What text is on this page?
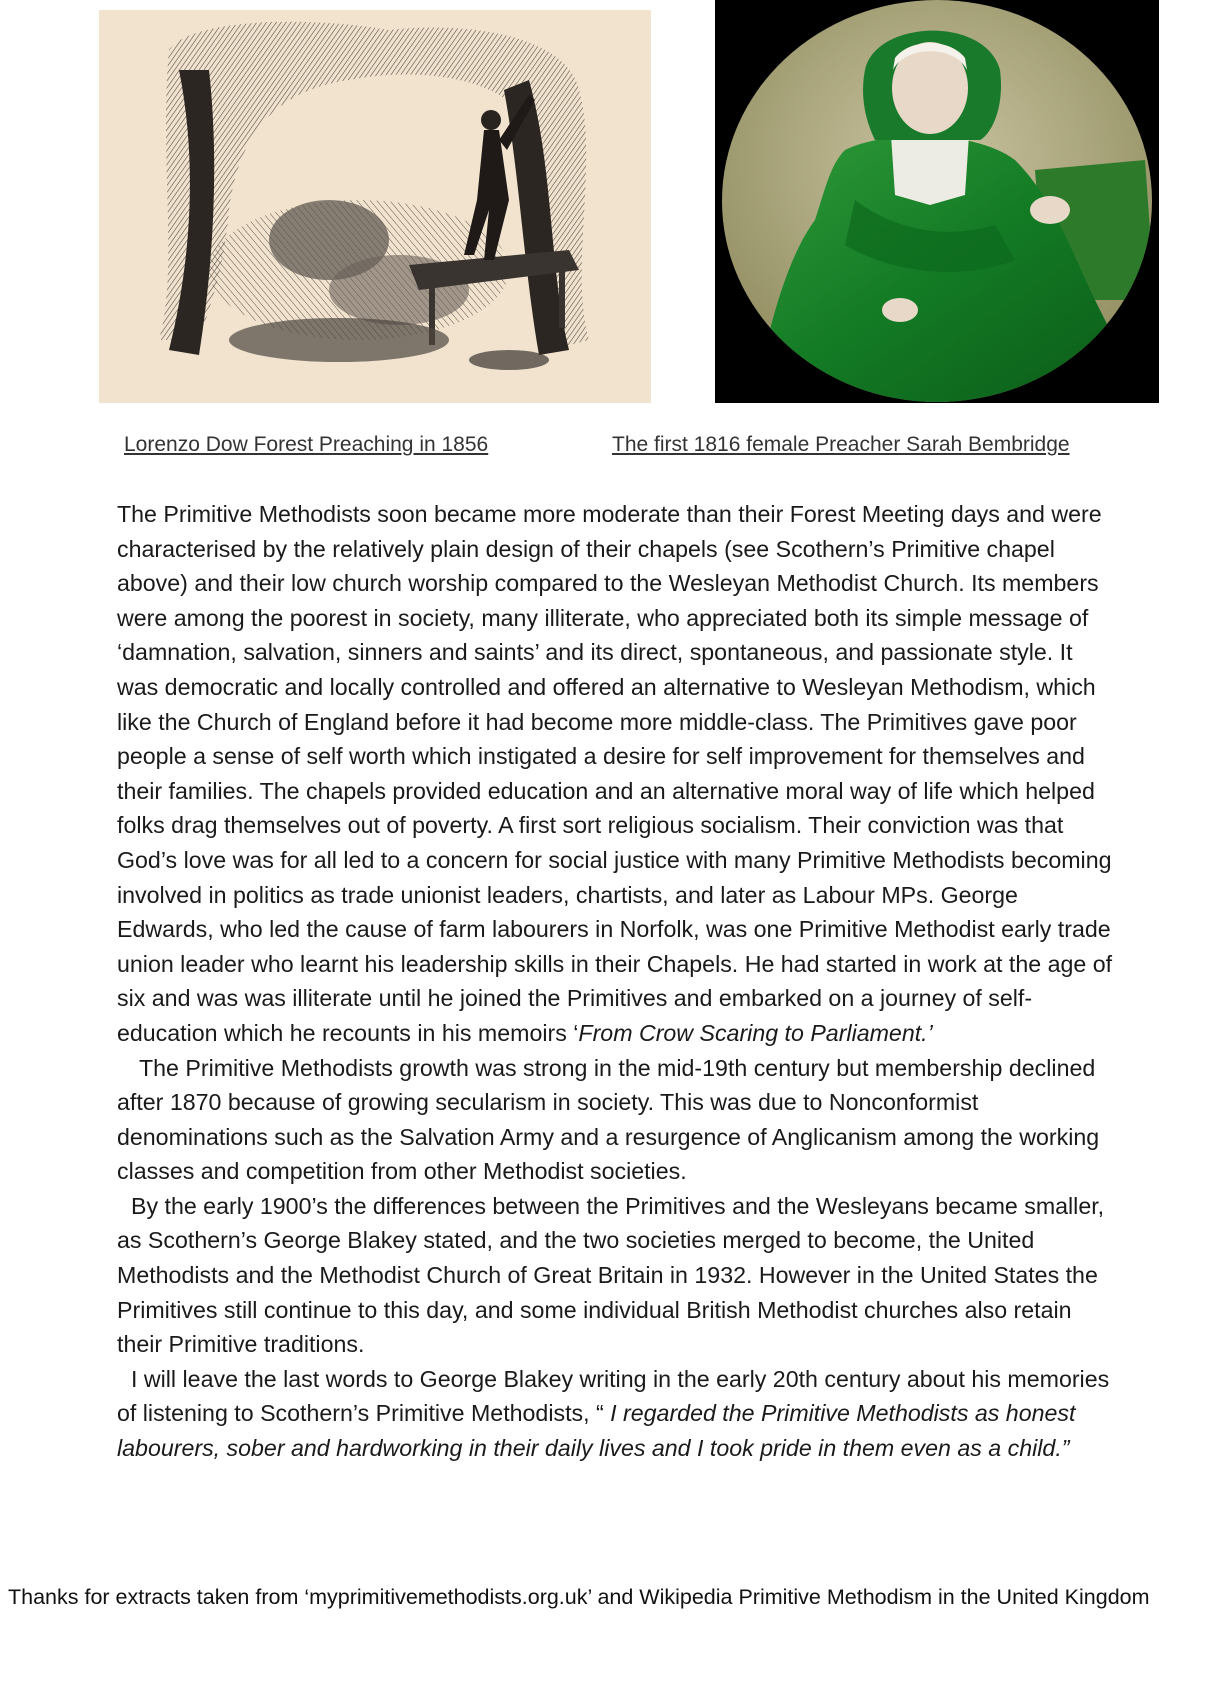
Lorenzo Dow Forest Preaching in 1856	The first 1816 female Preacher Sarah Bembridge

The Primitive Methodists soon became more moderate than their Forest Meeting days and were characterised by the relatively plain design of their chapels (see Scothern’s Primitive chapel above) and their low church worship compared to the Wesleyan Methodist Church. Its members were among the poorest in society, many illiterate, who appreciated both its simple message of ‘damnation, salvation, sinners and saints’ and its direct, spontaneous, and passionate style. It was democratic and locally controlled and offered an alternative to Wesleyan Methodism, which like the Church of England before it had become more middle-class. The Primitives gave poor people a sense of self worth which instigated a desire for self improvement for themselves and their families. The chapels provided education and an alternative moral way of life which helped folks drag themselves out of poverty. A first sort religious socialism. Their conviction was that God’s love was for all led to a concern for social justice with many Primitive Methodists becoming involved in politics as trade unionist leaders, chartists, and later as Labour MPs. George Edwards, who led the cause of farm labourers in Norfolk, was one Primitive Methodist early trade union leader who learnt his leadership skills in their Chapels. He had started in work at the age of six and was was illiterate until he joined the Primitives and embarked on a journey of self-education which he recounts in his memoirs ‘From Crow Scaring to Parliament.’

The Primitive Methodists growth was strong in the mid-19th century but membership declined after 1870 because of growing secularism in society. This was due to Nonconformist denominations such as the Salvation Army and a resurgence of Anglicanism among the working classes and competition from other Methodist societies.

By the early 1900’s the differences between the Primitives and the Wesleyans became smaller, as Scothern’s George Blakey stated, and the two societies merged to become, the United Methodists and the Methodist Church of Great Britain in 1932. However in the United States the Primitives still continue to this day, and some individual British Methodist churches also retain their Primitive traditions.

I will leave the last words to George Blakey writing in the early 20th century about his memories of listening to Scothern’s Primitive Methodists, “ I regarded the Primitive Methodists as honest labourers, sober and hardworking in their daily lives and I took pride in them even as a child.”

Thanks for extracts taken from ‘myprimitivemethodists.org.uk’ and Wikipedia Primitive Methodism in the United Kingdom
